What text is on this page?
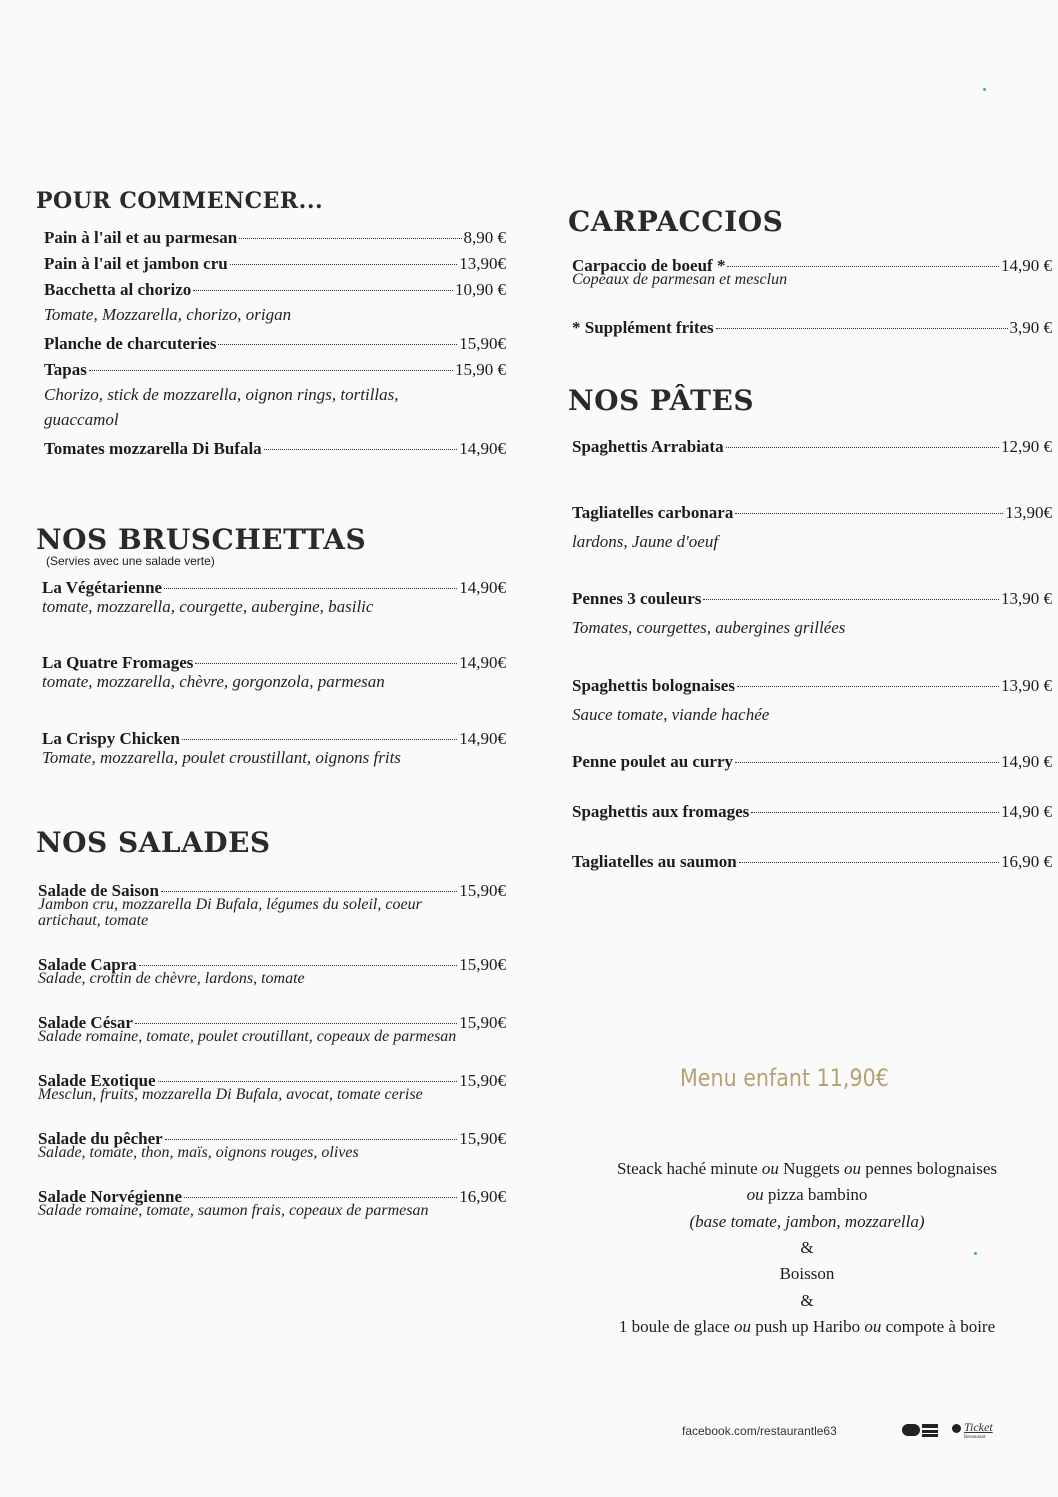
POUR COMMENCER...
Pain à l'ail et au parmesan	8,90 €
Pain à l'ail et jambon cru	13,90€
Bacchetta al chorizo	10,90 €
Tomate, Mozzarella, chorizo, origan
Planche de charcuteries	15,90€
Tapas	15,90 €
Chorizo, stick de mozzarella, oignon rings, tortillas, guaccamol
Tomates mozzarella Di Bufala	14,90€
NOS BRUSCHETTAS
(Servies avec une salade verte)
La Végétarienne	14,90€
tomate, mozzarella, courgette, aubergine, basilic
La Quatre Fromages	14,90€
tomate, mozzarella, chèvre, gorgonzola, parmesan
La Crispy Chicken	14,90€
Tomate, mozzarella, poulet croustillant, oignons frits
NOS SALADES
Salade de Saison	15,90€
Jambon cru, mozzarella Di Bufala, légumes du soleil, coeur artichaut, tomate
Salade Capra	15,90€
Salade, crottin de chèvre, lardons, tomate
Salade César	15,90€
Salade romaine, tomate, poulet croutillant, copeaux de parmesan
Salade Exotique	15,90€
Mesclun, fruits, mozzarella Di Bufala, avocat, tomate cerise
Salade du pêcher	15,90€
Salade, tomate, thon, maïs, oignons rouges, olives
Salade Norvégienne	16,90€
Salade romaine, tomate, saumon frais, copeaux de parmesan
CARPACCIOS
Carpaccio de boeuf *	14,90 €
Copeaux de parmesan et mesclun
* Supplément frites	3,90 €
NOS PÂTES
Spaghettis Arrabiata	12,90 €
Tagliatelles carbonara	13,90€
lardons, Jaune d'oeuf
Pennes 3 couleurs	13,90 €
Tomates, courgettes, aubergines grillées
Spaghettis bolognaises	13,90 €
Sauce tomate, viande hachée
Penne poulet au curry	14,90 €
Spaghettis aux fromages	14,90 €
Tagliatelles au saumon	16,90 €
Menu enfant 11,90€
Steack haché minute ou Nuggets ou pennes bolognaises
ou pizza bambino
(base tomate, jambon, mozzarella)
&
Boisson
&
1 boule de glace ou push up Haribo ou compote à boire
facebook.com/restaurantle63	Ticket
Restaurant
